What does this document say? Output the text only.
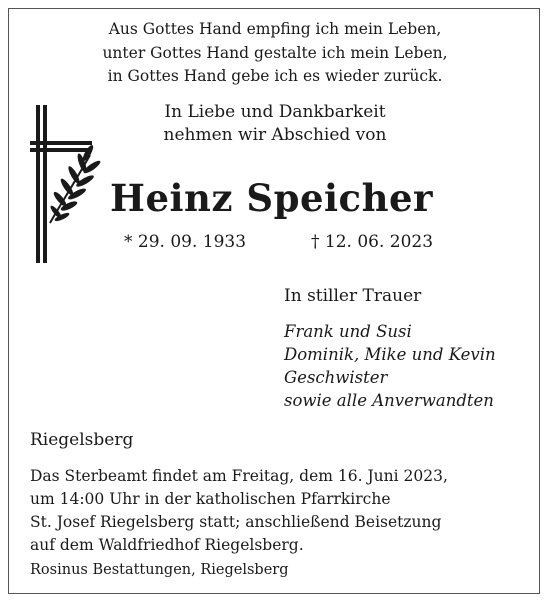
Aus Gottes Hand empfing ich mein Leben,
unter Gottes Hand gestalte ich mein Leben,
in Gottes Hand gebe ich es wieder zurück.
In Liebe und Dankbarkeit
nehmen wir Abschied von
Heinz Speicher
* 29. 09. 1933	† 12. 06. 2023
In stiller Trauer
Frank und Susi
Dominik, Mike und Kevin
Geschwister
sowie alle Anverwandten
Riegelsberg
Das Sterbeamt findet am Freitag, dem 16. Juni 2023,
um 14:00 Uhr in der katholischen Pfarrkirche
St. Josef Riegelsberg statt; anschließend Beisetzung
auf dem Waldfriedhof Riegelsberg.
Rosinus Bestattungen, Riegelsberg
